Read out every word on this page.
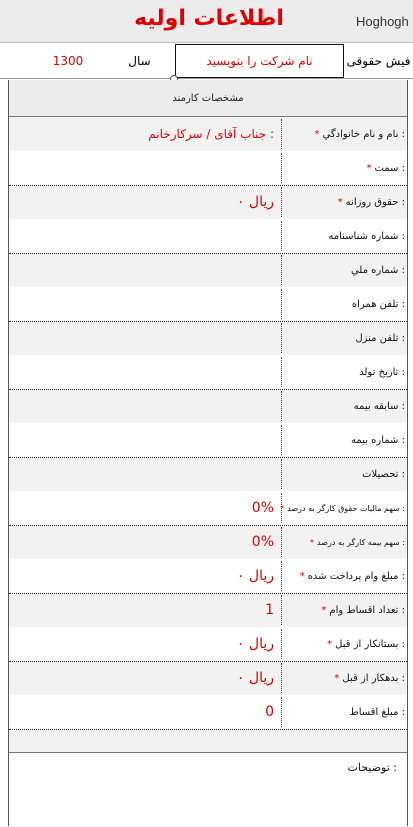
اطلاعات اوليه	Hoghogh
فیش حقوقی
نام شرکت را بنویسید
سال
1300
مشخصات کارمند
* نام و نام خانوادگي :
جناب آقای / سرکارخانم :
* سمت :
* حقوق روزانه :
ريال ۰
شماره شناسنامه :
شماره ملي :
تلفن همراه :
تلفن منزل :
تاريخ تولد :
سابقه بيمه :
شماره بيمه :
تحصيلات :
* سهم ماليات حقوق کارگر به درصد :
0%
* سهم بيمه کارگر به درصد :
0%
* مبلغ وام پرداخت شده :
ريال ۰
* تعداد اقساط وام :
1
* بستانکار از قبل :
ريال ۰
* بدهکار از قبل :
ريال ۰
مبلغ اقساط :
0
توضيحات :
